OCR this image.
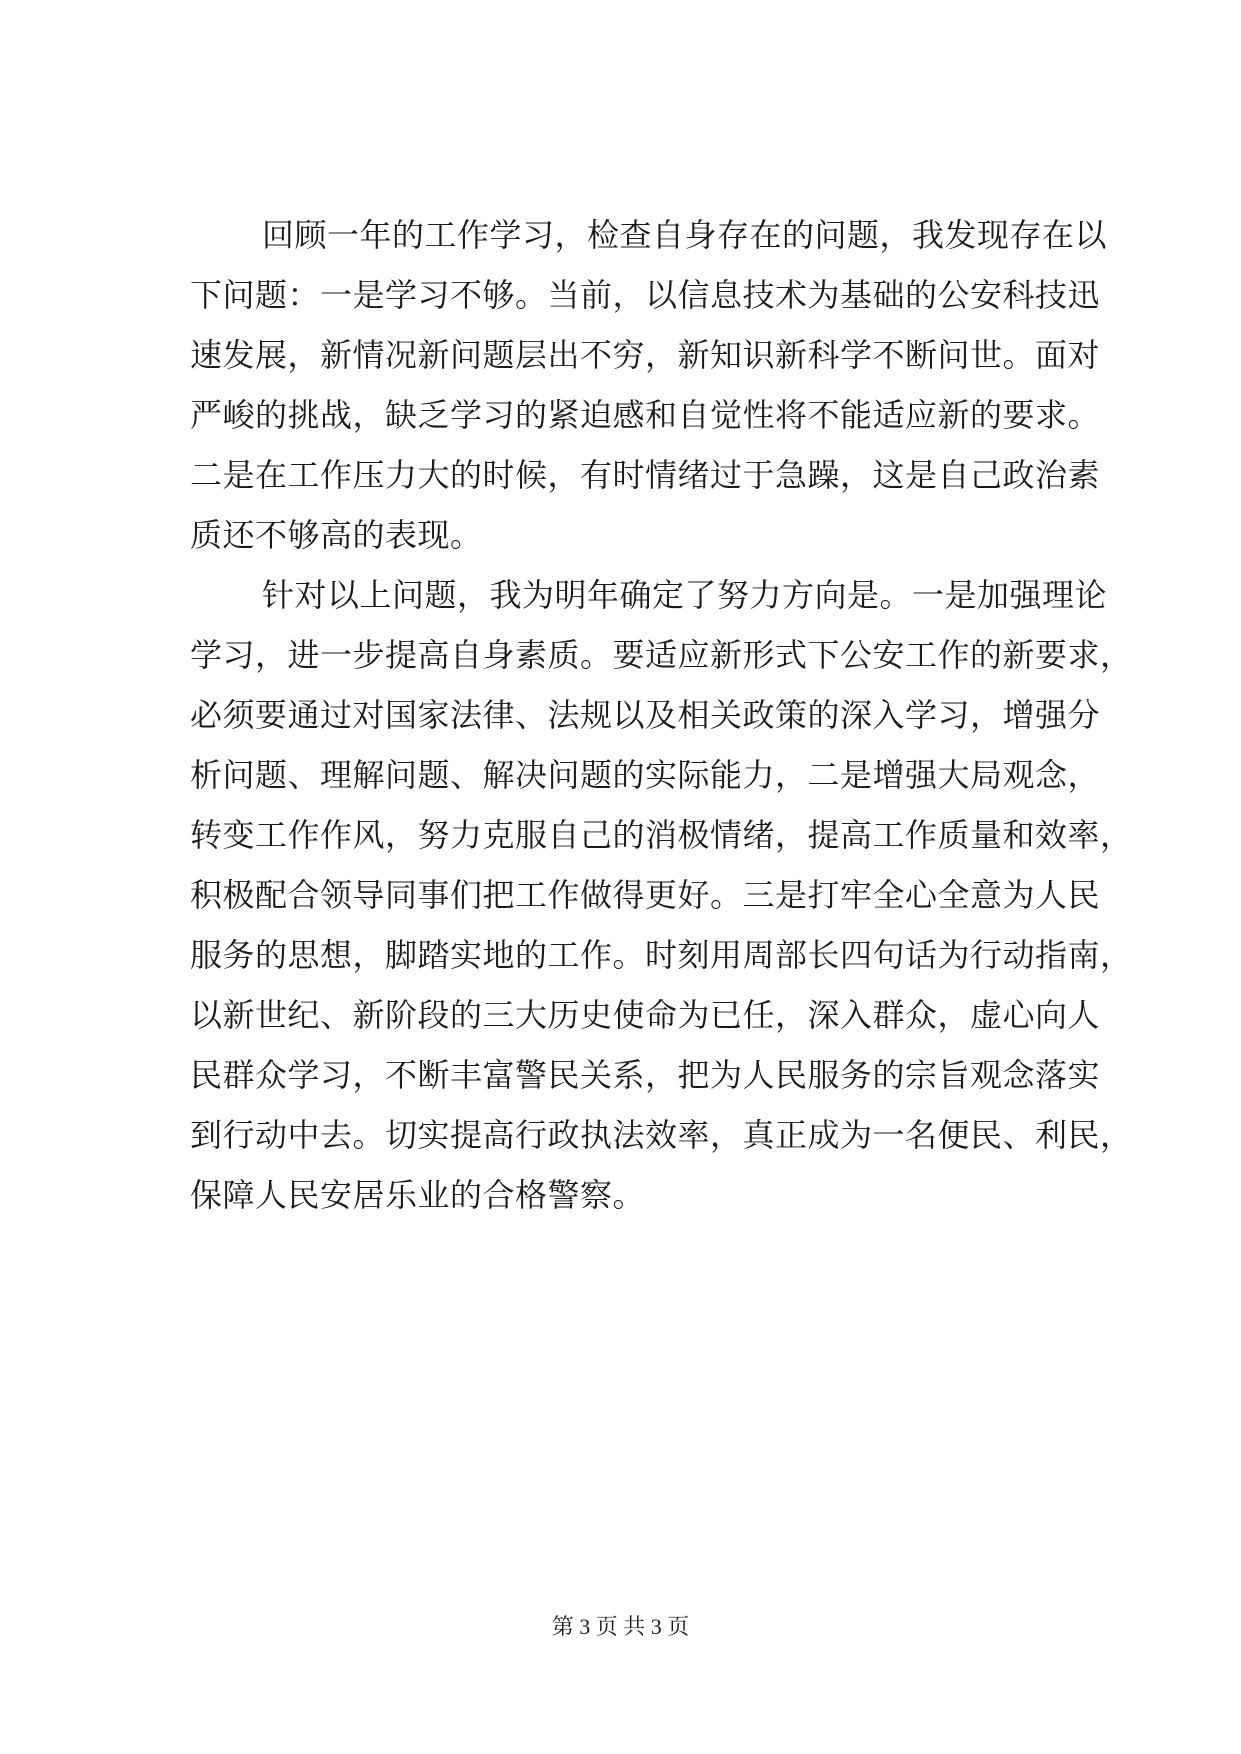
回顾一年的工作学习，检查自身存在的问题，我发现存在以
下问题：一是学习不够。当前，以信息技术为基础的公安科技迅
速发展，新情况新问题层出不穷，新知识新科学不断问世。面对
严峻的挑战，缺乏学习的紧迫感和自觉性将不能适应新的要求。
二是在工作压力大的时候，有时情绪过于急躁，这是自己政治素
质还不够高的表现。
针对以上问题，我为明年确定了努力方向是。一是加强理论
学习，进一步提高自身素质。要适应新形式下公安工作的新要求，
必须要通过对国家法律、法规以及相关政策的深入学习，增强分
析问题、理解问题、解决问题的实际能力，二是增强大局观念，
转变工作作风，努力克服自己的消极情绪，提高工作质量和效率，
积极配合领导同事们把工作做得更好。三是打牢全心全意为人民
服务的思想，脚踏实地的工作。时刻用周部长四句话为行动指南，
以新世纪、新阶段的三大历史使命为已任，深入群众，虚心向人
民群众学习，不断丰富警民关系，把为人民服务的宗旨观念落实
到行动中去。切实提高行政执法效率，真正成为一名便民、利民，
保障人民安居乐业的合格警察。
第 3 页 共 3 页
